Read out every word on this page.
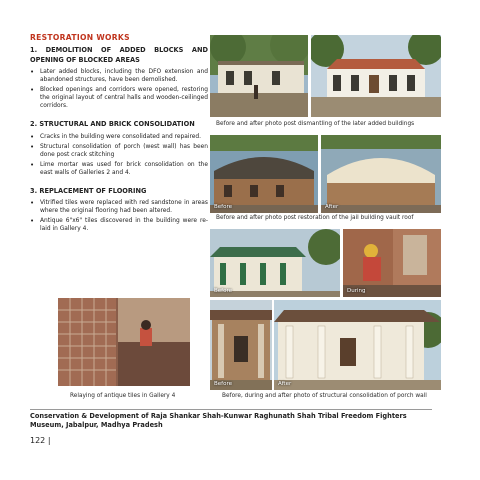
RESTORATION WORKS
1. DEMOLITION OF ADDED BLOCKS AND OPENING OF BLOCKED AREAS
• Later added blocks, including the DFO extension and abandoned structures, have been demolished.
• Blocked openings and corridors were opened, restoring the original layout of central halls and wooden-ceilinged corridors.
2. STRUCTURAL AND BRICK CONSOLIDATION
• Cracks in the building were consolidated and repaired.
• Structural consolidation of porch (west wall) has been done post crack stitching
• Lime mortar was used for brick consolidation on the east walls of Galleries 2 and 4.
3. REPLACEMENT OF FLOORING
• Vitrified tiles were replaced with red sandstone in areas where the original flooring had been altered.
• Antique 6"x6" tiles discovered in the building were re-laid in Gallery 4.
Before and after photo post dismantling of the later added buildings
Before	After
Before and after photo post restoration of the jail building vault roof
Before	During
Before	After
Relaying of antique tiles in Gallery 4	Before, during and after photo of structural consolidation of porch wall
Conservation & Development of Raja Shankar Shah-Kunwar Raghunath Shah Tribal Freedom Fighters
Museum, Jabalpur, Madhya Pradesh
122 |
